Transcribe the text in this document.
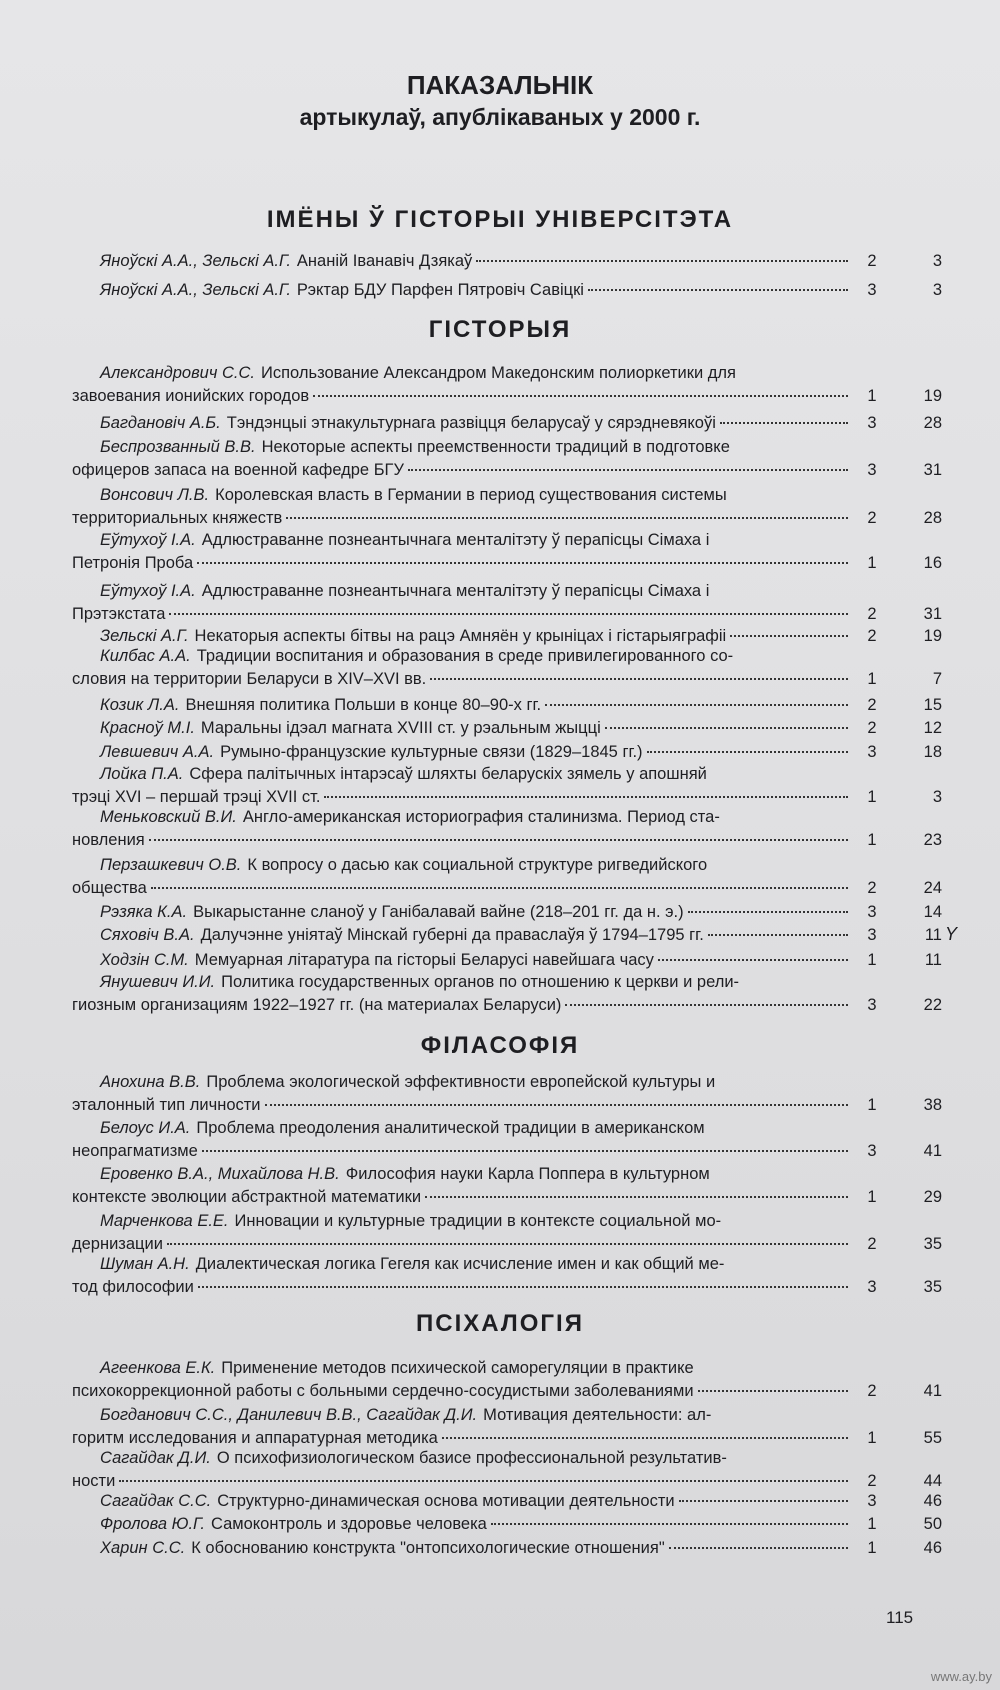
ПАКАЗАЛЬНІК
артыкулаў, апублікаваных у 2000 г.
ІМЁНЫ Ў ГІСТОРЫІ УНІВЕРСІТЭТА
Яноўскі А.А., Зельскі А.Г. Ананій Іванавіч Дзякаў	2	3
Яноўскі А.А., Зельскі А.Г. Рэктар БДУ Парфен Пятровіч Савіцкі	3	3
ГІСТОРЫЯ
Александрович С.С. Использование Александром Македонским полиоркетики для
завоевания ионийских городов	1	19
Багдановіч А.Б. Тэндэнцыі этнакультурнага развіцця беларусаў у сярэдневякоўі	3	28
Беспрозванный В.В. Некоторые аспекты преемственности традиций в подготовке
офицеров запаса на военной кафедре БГУ	3	31
Вонсович Л.В. Королевская власть в Германии в период существования системы
территориальных княжеств	2	28
Еўтухоў І.А. Адлюстраванне познеантычнага менталітэту ў перапісцы Сімаха і
Петронія Проба	1	16
Еўтухоў І.А. Адлюстраванне познеантычнага менталітэту ў перапісцы Сімаха і
Прэтэкстата	2	31
Зельскі А.Г. Некаторыя аспекты бітвы на рацэ Амняён у крыніцах і гістарыяграфіі	2	19
Килбас А.А. Традиции воспитания и образования в среде привилегированного со-
словия на территории Беларуси в XIV–XVI вв.	1	7
Козик Л.А. Внешняя политика Польши в конце 80–90-х гг.	2	15
Красноў М.І. Маральны ідэал магната XVIII ст. у рэальным жыцці	2	12
Левшевич А.А. Румыно-французские культурные связи (1829–1845 гг.)	3	18
Лойка П.А. Сфера палітычных інтарэсаў шляхты беларускіх зямель у апошняй
трэці XVI – першай трэці XVII ст.	1	3
Меньковский В.И. Англо-американская историография сталинизма. Период ста-
новления	1	23
Перзашкевич О.В. К вопросу о дасью как социальной структуре ригведийского
общества	2	24
Рэзяка К.А. Выкарыстанне сланоў у Ганібалавай вайне (218–201 гг. да н. э.)	3	14
Сяховіч В.А. Далучэнне уніятаў Мінскай губерні да праваслаўя ў 1794–1795 гг.	3	11
Ходзін С.М. Мемуарная літаратура па гісторыі Беларусі навейшага часу	1	11
Янушевич И.И. Политика государственных органов по отношению к церкви и рели-
гиозным организациям 1922–1927 гг. (на материалах Беларуси)	3	22
ФІЛАСОФІЯ
Анохина В.В. Проблема экологической эффективности европейской культуры и
эталонный тип личности	1	38
Белоус И.А. Проблема преодоления аналитической традиции в американском
неопрагматизме	3	41
Еровенко В.А., Михайлова Н.В. Философия науки Карла Поппера в культурном
контексте эволюции абстрактной математики	1	29
Марченкова Е.Е. Инновации и культурные традиции в контексте социальной мо-
дернизации	2	35
Шуман А.Н. Диалектическая логика Гегеля как исчисление имен и как общий ме-
тод философии	3	35
ПСІХАЛОГІЯ
Агеенкова Е.К. Применение методов психической саморегуляции в практике
психокоррекционной работы с больными сердечно-сосудистыми заболеваниями	2	41
Богданович С.С., Данилевич В.В., Сагайдак Д.И. Мотивация деятельности: ал-
горитм исследования и аппаратурная методика	1	55
Сагайдак Д.И. О психофизиологическом базисе профессиональной результатив-
ности	2	44
Сагайдак С.С. Структурно-динамическая основа мотивации деятельности	3	46
Фролова Ю.Г. Самоконтроль и здоровье человека	1	50
Харин С.С. К обоснованию конструкта "онтопсихологические отношения"	1	46
Y
115
www.ay.by
